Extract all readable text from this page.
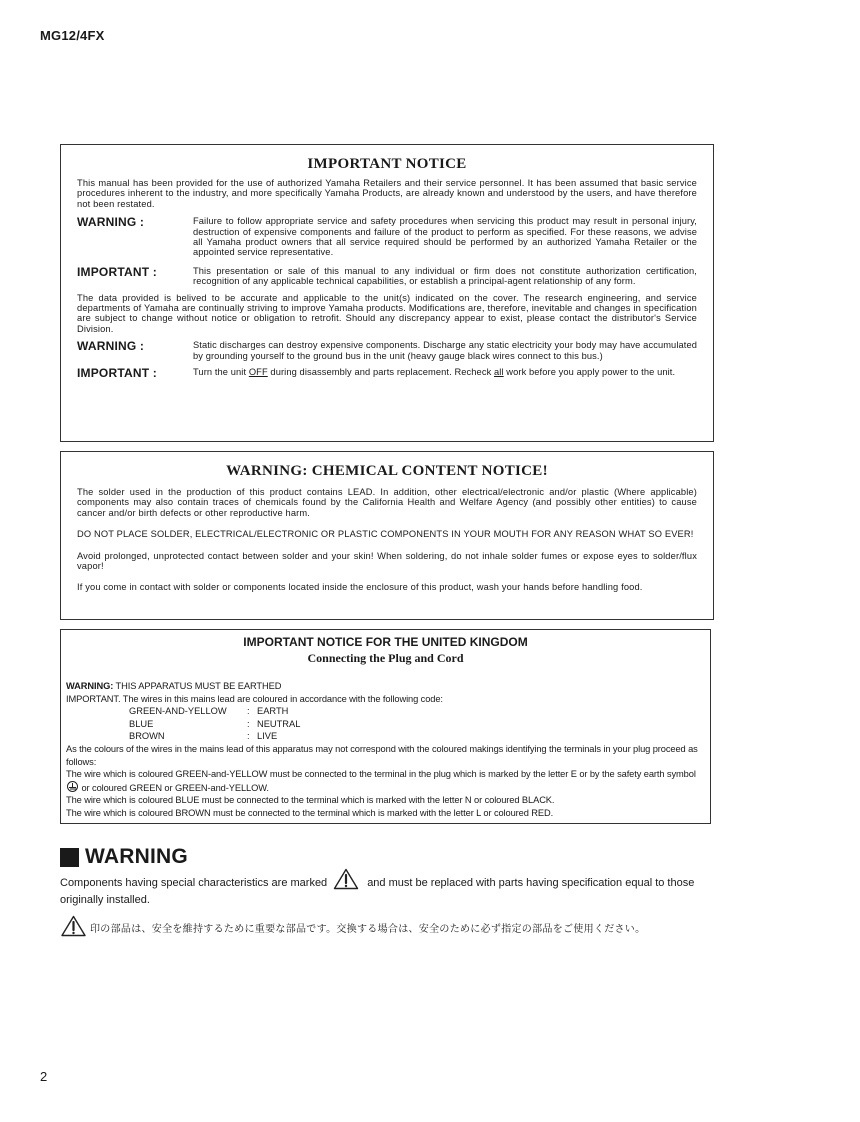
MG12/4FX
IMPORTANT NOTICE
This manual has been provided for the use of authorized Yamaha Retailers and their service personnel. It has been assumed that basic service procedures inherent to the industry, and more specifically Yamaha Products, are already known and understood by the users, and have therefore not been restated.
WARNING :	Failure to follow appropriate service and safety procedures when servicing this product may result in personal injury, destruction of expensive components and failure of the product to perform as specified. For these reasons, we advise all Yamaha product owners that all service required should be performed by an authorized Yamaha Retailer or the appointed service representative.
IMPORTANT :	This presentation or sale of this manual to any individual or firm does not constitute authorization certification, recognition of any applicable technical capabilities, or establish a principal-agent relationship of any form.
The data provided is belived to be accurate and applicable to the unit(s) indicated on the cover. The research engineering, and service departments of Yamaha are continually striving to improve Yamaha products. Modifications are, therefore, inevitable and changes in specification are subject to change without notice or obligation to retrofit. Should any discrepancy appear to exist, please contact the distributor's Service Division.
WARNING :	Static discharges can destroy expensive components. Discharge any static electricity your body may have accumulated by grounding yourself to the ground bus in the unit (heavy gauge black wires connect to this bus.)
IMPORTANT :	Turn the unit OFF during disassembly and parts replacement. Recheck all work before you apply power to the unit.
WARNING: CHEMICAL CONTENT NOTICE!
The solder used in the production of this product contains LEAD. In addition, other electrical/electronic and/or plastic (Where applicable) components may also contain traces of chemicals found by the California Health and Welfare Agency (and possibly other entities) to cause cancer and/or birth defects or other reproductive harm.
DO NOT PLACE SOLDER, ELECTRICAL/ELECTRONIC OR PLASTIC COMPONENTS IN YOUR MOUTH FOR ANY REASON WHAT SO EVER!
Avoid prolonged, unprotected contact between solder and your skin! When soldering, do not inhale solder fumes or expose eyes to solder/flux vapor!
If you come in contact with solder or components located inside the enclosure of this product, wash your hands before handling food.
IMPORTANT NOTICE FOR THE UNITED KINGDOM
Connecting the Plug and Cord
WARNING: THIS APPARATUS MUST BE EARTHED
IMPORTANT. The wires in this mains lead are coloured in accordance with the following code:
GREEN-AND-YELLOW	: EARTH
BLUE	: NEUTRAL
BROWN	: LIVE
As the colours of the wires in the mains lead of this apparatus may not correspond with the coloured makings identifying the terminals in your plug proceed as follows:
The wire which is coloured GREEN-and-YELLOW must be connected to the terminal in the plug which is marked by the letter E or by the safety earth symbol  or coloured GREEN or GREEN-and-YELLOW.
The wire which is coloured BLUE must be connected to the terminal which is marked with the letter N or coloured BLACK.
The wire which is coloured BROWN must be connected to the terminal which is marked with the letter L or coloured RED.
WARNING
Components having special characteristics are marked	and must be replaced with parts having specification equal to those originally installed.
印の部品は、安全を維持するために重要な部品です。交換する場合は、安全のために必ず指定の部品をご使用ください。
2
